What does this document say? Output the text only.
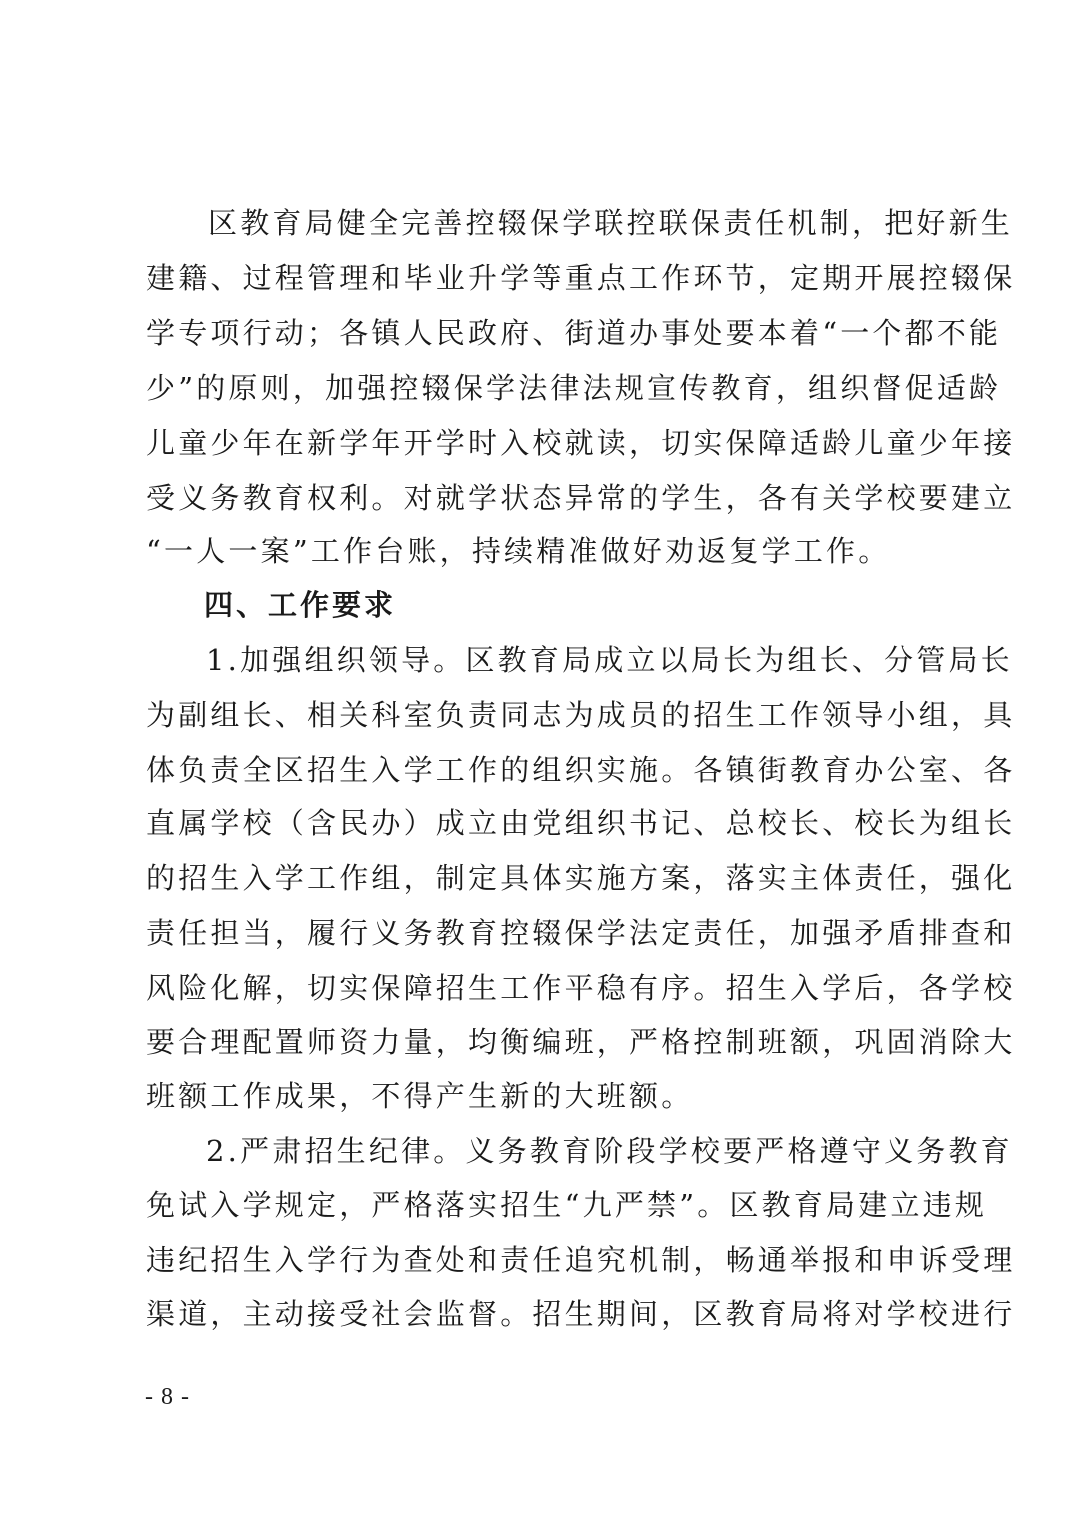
区教育局健全完善控辍保学联控联保责任机制，把好新生
建籍、过程管理和毕业升学等重点工作环节，定期开展控辍保
学专项行动；各镇人民政府、街道办事处要本着“一个都不能
少”的原则，加强控辍保学法律法规宣传教育，组织督促适龄
儿童少年在新学年开学时入校就读，切实保障适龄儿童少年接
受义务教育权利。对就学状态异常的学生，各有关学校要建立
“一人一案”工作台账，持续精准做好劝返复学工作。
四、工作要求
1.加强组织领导。区教育局成立以局长为组长、分管局长
为副组长、相关科室负责同志为成员的招生工作领导小组，具
体负责全区招生入学工作的组织实施。各镇街教育办公室、各
直属学校（含民办）成立由党组织书记、总校长、校长为组长
的招生入学工作组，制定具体实施方案，落实主体责任，强化
责任担当，履行义务教育控辍保学法定责任，加强矛盾排查和
风险化解，切实保障招生工作平稳有序。招生入学后，各学校
要合理配置师资力量，均衡编班，严格控制班额，巩固消除大
班额工作成果，不得产生新的大班额。
2.严肃招生纪律。义务教育阶段学校要严格遵守义务教育
免试入学规定，严格落实招生“九严禁”。区教育局建立违规
违纪招生入学行为查处和责任追究机制，畅通举报和申诉受理
渠道，主动接受社会监督。招生期间，区教育局将对学校进行
- 8 -
